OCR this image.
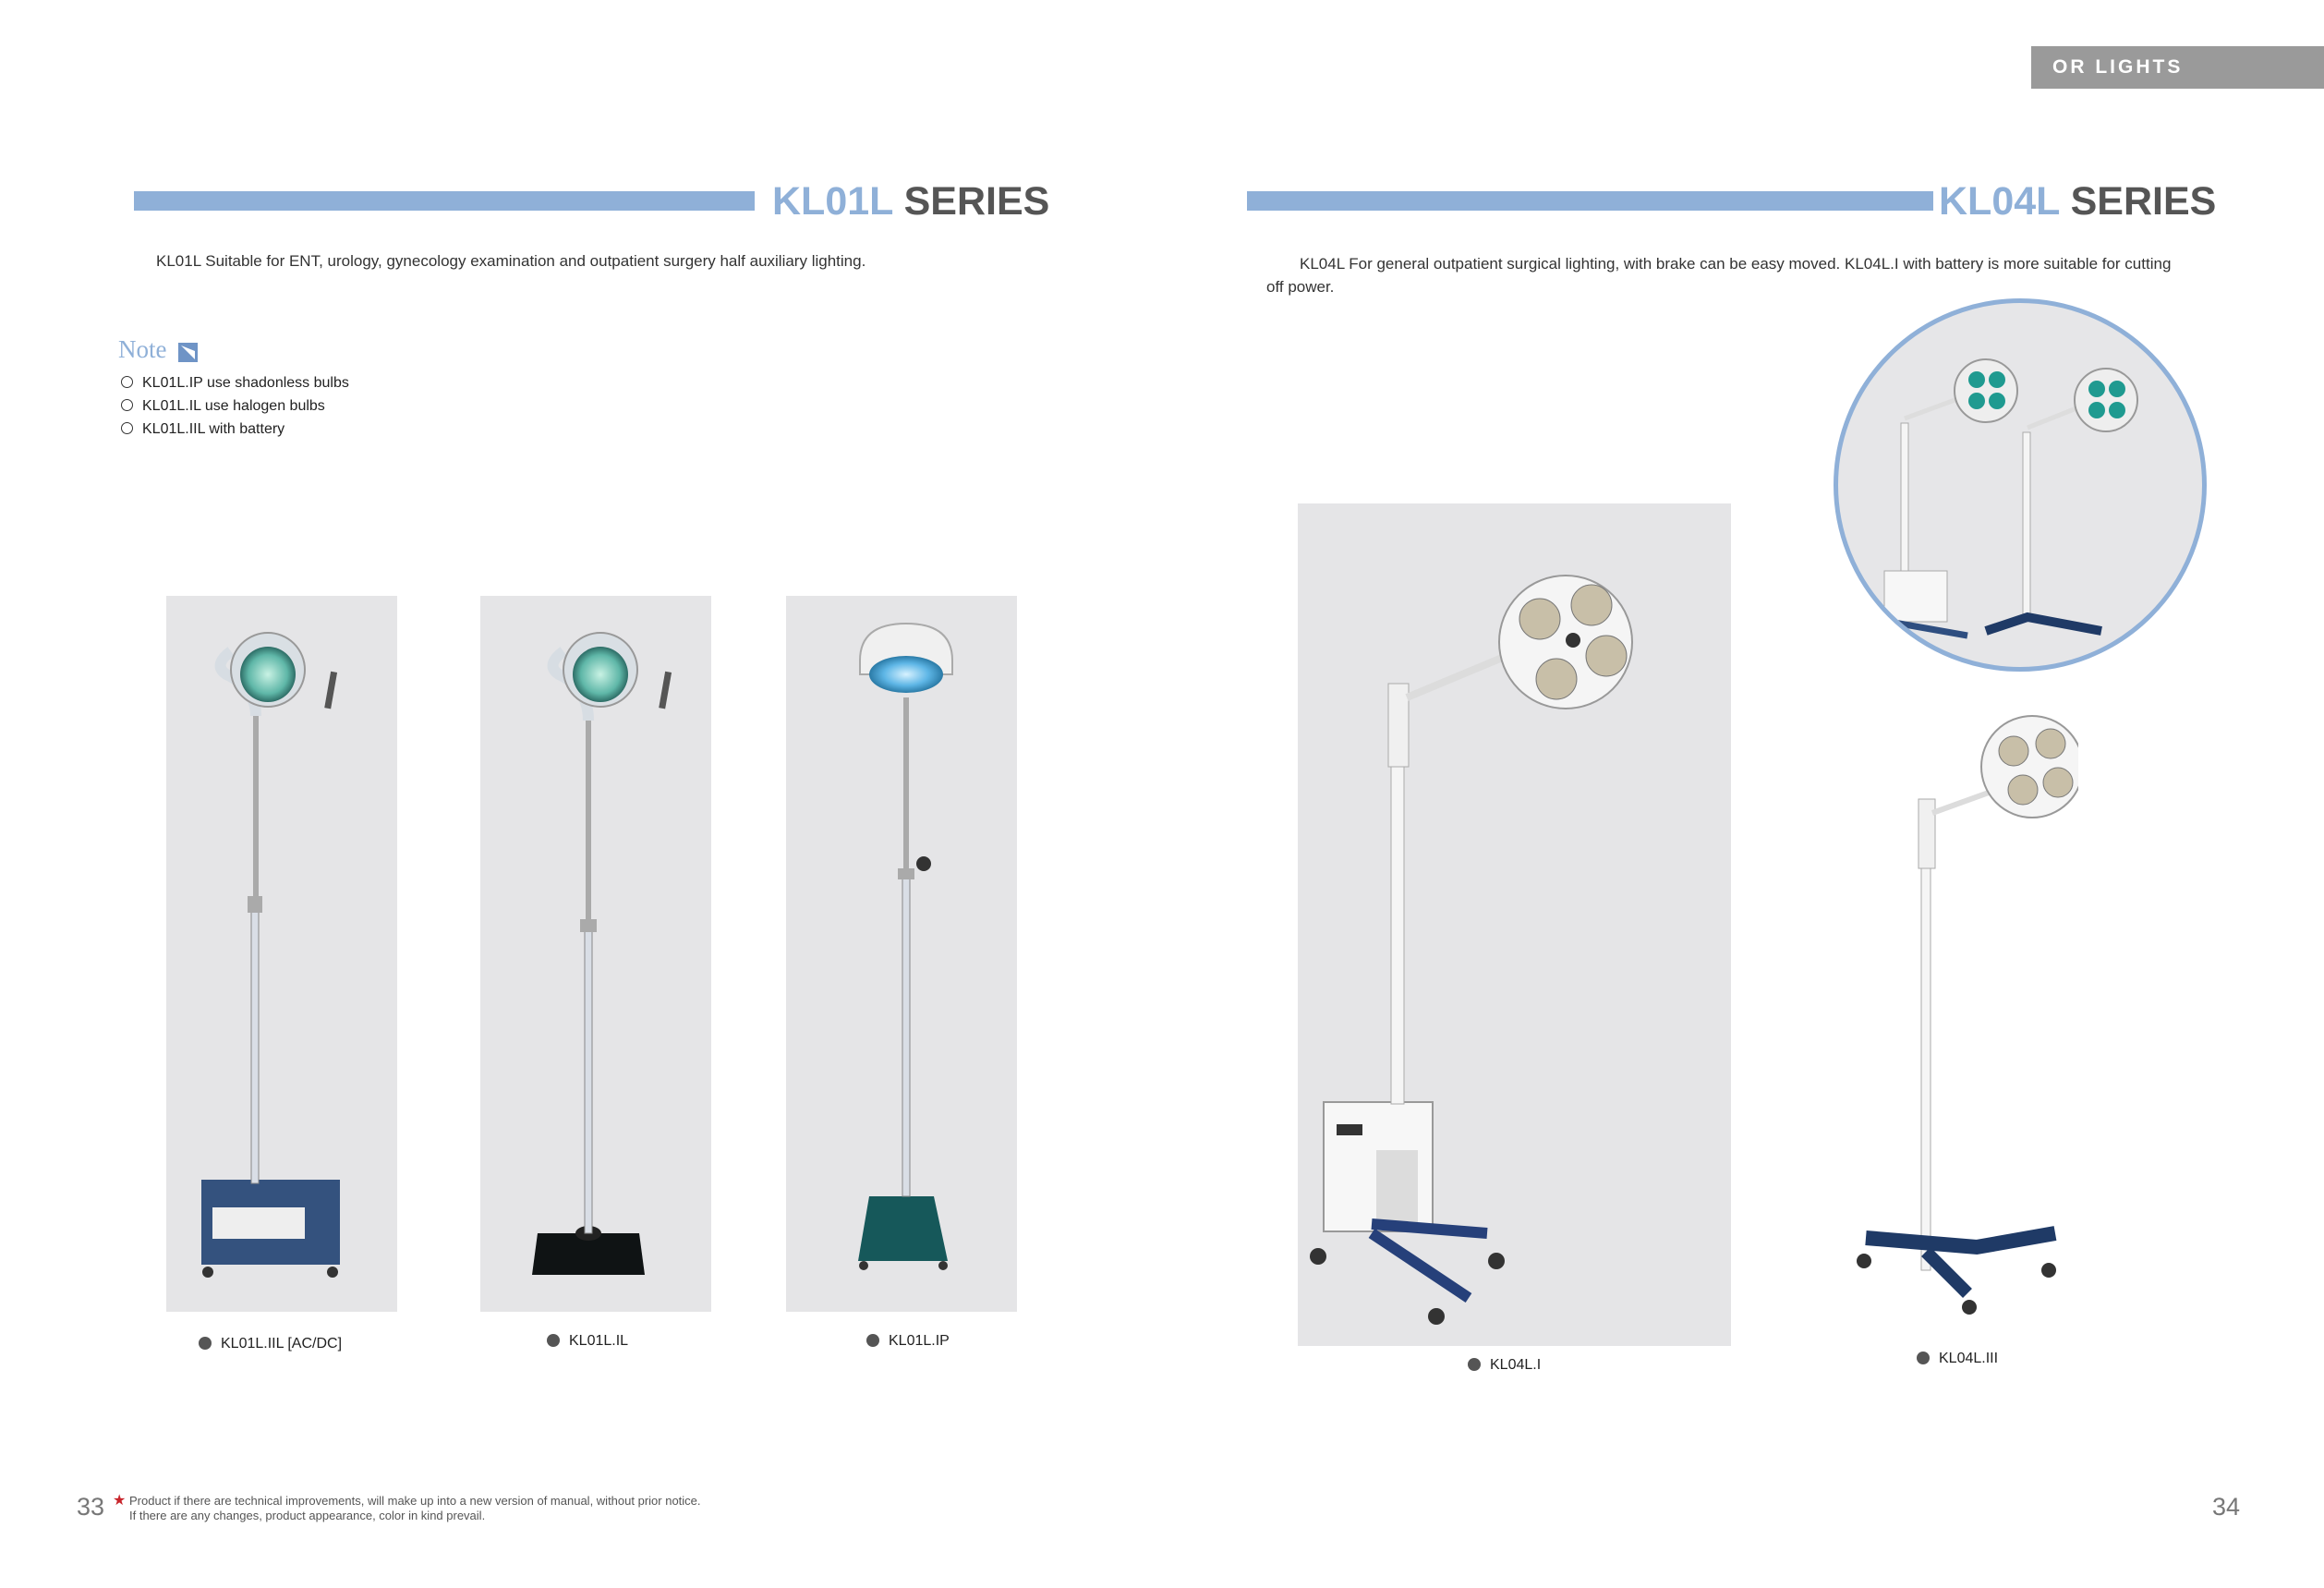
OR LIGHTS
KL01L SERIES
KL01L Suitable for ENT, urology, gynecology examination and outpatient surgery half auxiliary lighting.
Note
KL01L.IP use shadonless bulbs
KL01L.IL use halogen bulbs
KL01L.IIL with battery
KL01L.IIL [AC/DC]	KL01L.IL	KL01L.IP
KL04L SERIES
KL04L For general outpatient surgical lighting, with brake can be easy moved. KL04L.I with battery is more suitable for cutting
off power.
KL04L.I	KL04L.III
33 ★ Product if there are technical improvements, will make up into a new version of manual, without prior notice.
If there are any changes, product appearance, color in kind prevail.	34
